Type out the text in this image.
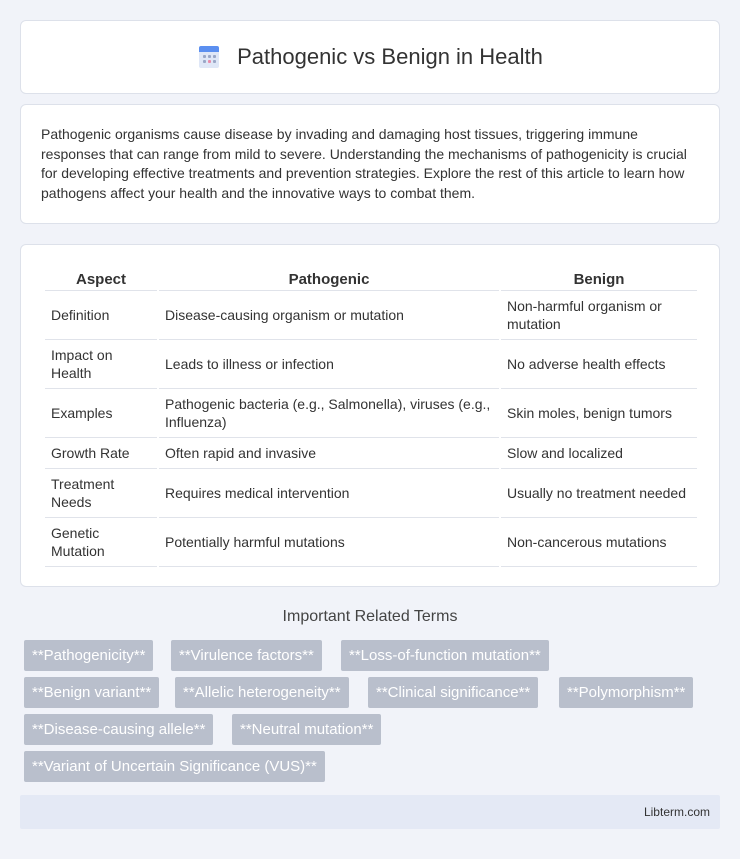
Pathogenic vs Benign in Health

Pathogenic organisms cause disease by invading and damaging host tissues, triggering immune responses that can range from mild to severe. Understanding the mechanisms of pathogenicity is crucial for developing effective treatments and prevention strategies. Explore the rest of this article to learn how pathogens affect your health and the innovative ways to combat them.

Aspect	Pathogenic	Benign
Definition	Disease-causing organism or mutation	Non-harmful organism or mutation
Impact on Health	Leads to illness or infection	No adverse health effects
Examples	Pathogenic bacteria (e.g., Salmonella), viruses (e.g., Influenza)	Skin moles, benign tumors
Growth Rate	Often rapid and invasive	Slow and localized
Treatment Needs	Requires medical intervention	Usually no treatment needed
Genetic Mutation	Potentially harmful mutations	Non-cancerous mutations
Important Related Terms
**Pathogenicity**	**Virulence factors**	**Loss-of-function mutation**
**Benign variant**	**Allelic heterogeneity**	**Clinical significance**	**Polymorphism**
**Disease-causing allele**	**Neutral mutation**
**Variant of Uncertain Significance (VUS)**
Libterm.com
